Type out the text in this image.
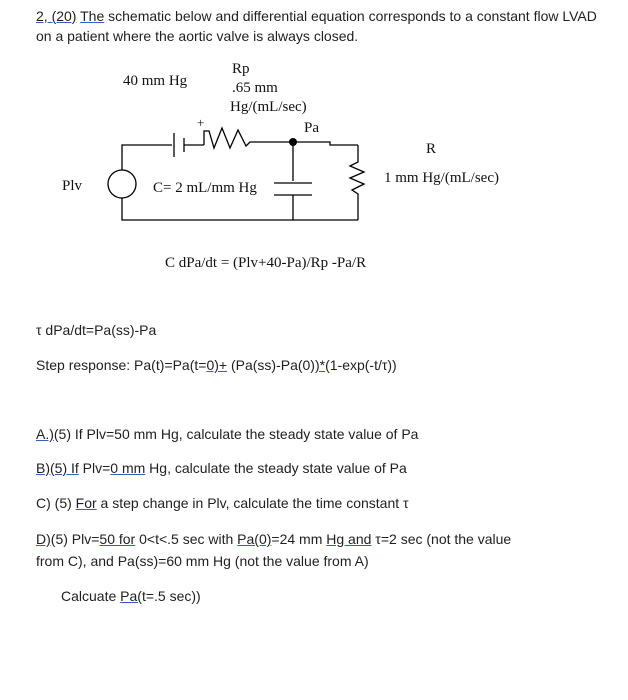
2, (20) The schematic below and differential equation corresponds to a constant flow LVAD on a patient where the aortic valve is always closed.
40 mm Hg
Rp
.65 mm
Hg/(mL/sec)
+	Pa
R
1 mm Hg/(mL/sec)
Plv	C= 2 mL/mm Hg
C dPa/dt = (Plv+40-Pa)/Rp -Pa/R
τ dPa/dt=Pa(ss)-Pa
Step response: Pa(t)=Pa(t=0)+ (Pa(ss)-Pa(0))*(1-exp(-t/τ))
A.)(5) If Plv=50 mm Hg, calculate the steady state value of Pa
B)(5) If Plv=0 mm Hg, calculate the steady state value of Pa
C) (5) For a step change in Plv, calculate the time constant τ
D)(5) Plv=50 for 0<t<.5 sec with Pa(0)=24 mm Hg and τ=2 sec (not the value
from C), and Pa(ss)=60 mm Hg (not the value from A)
Calcuate Pa(t=.5 sec))
